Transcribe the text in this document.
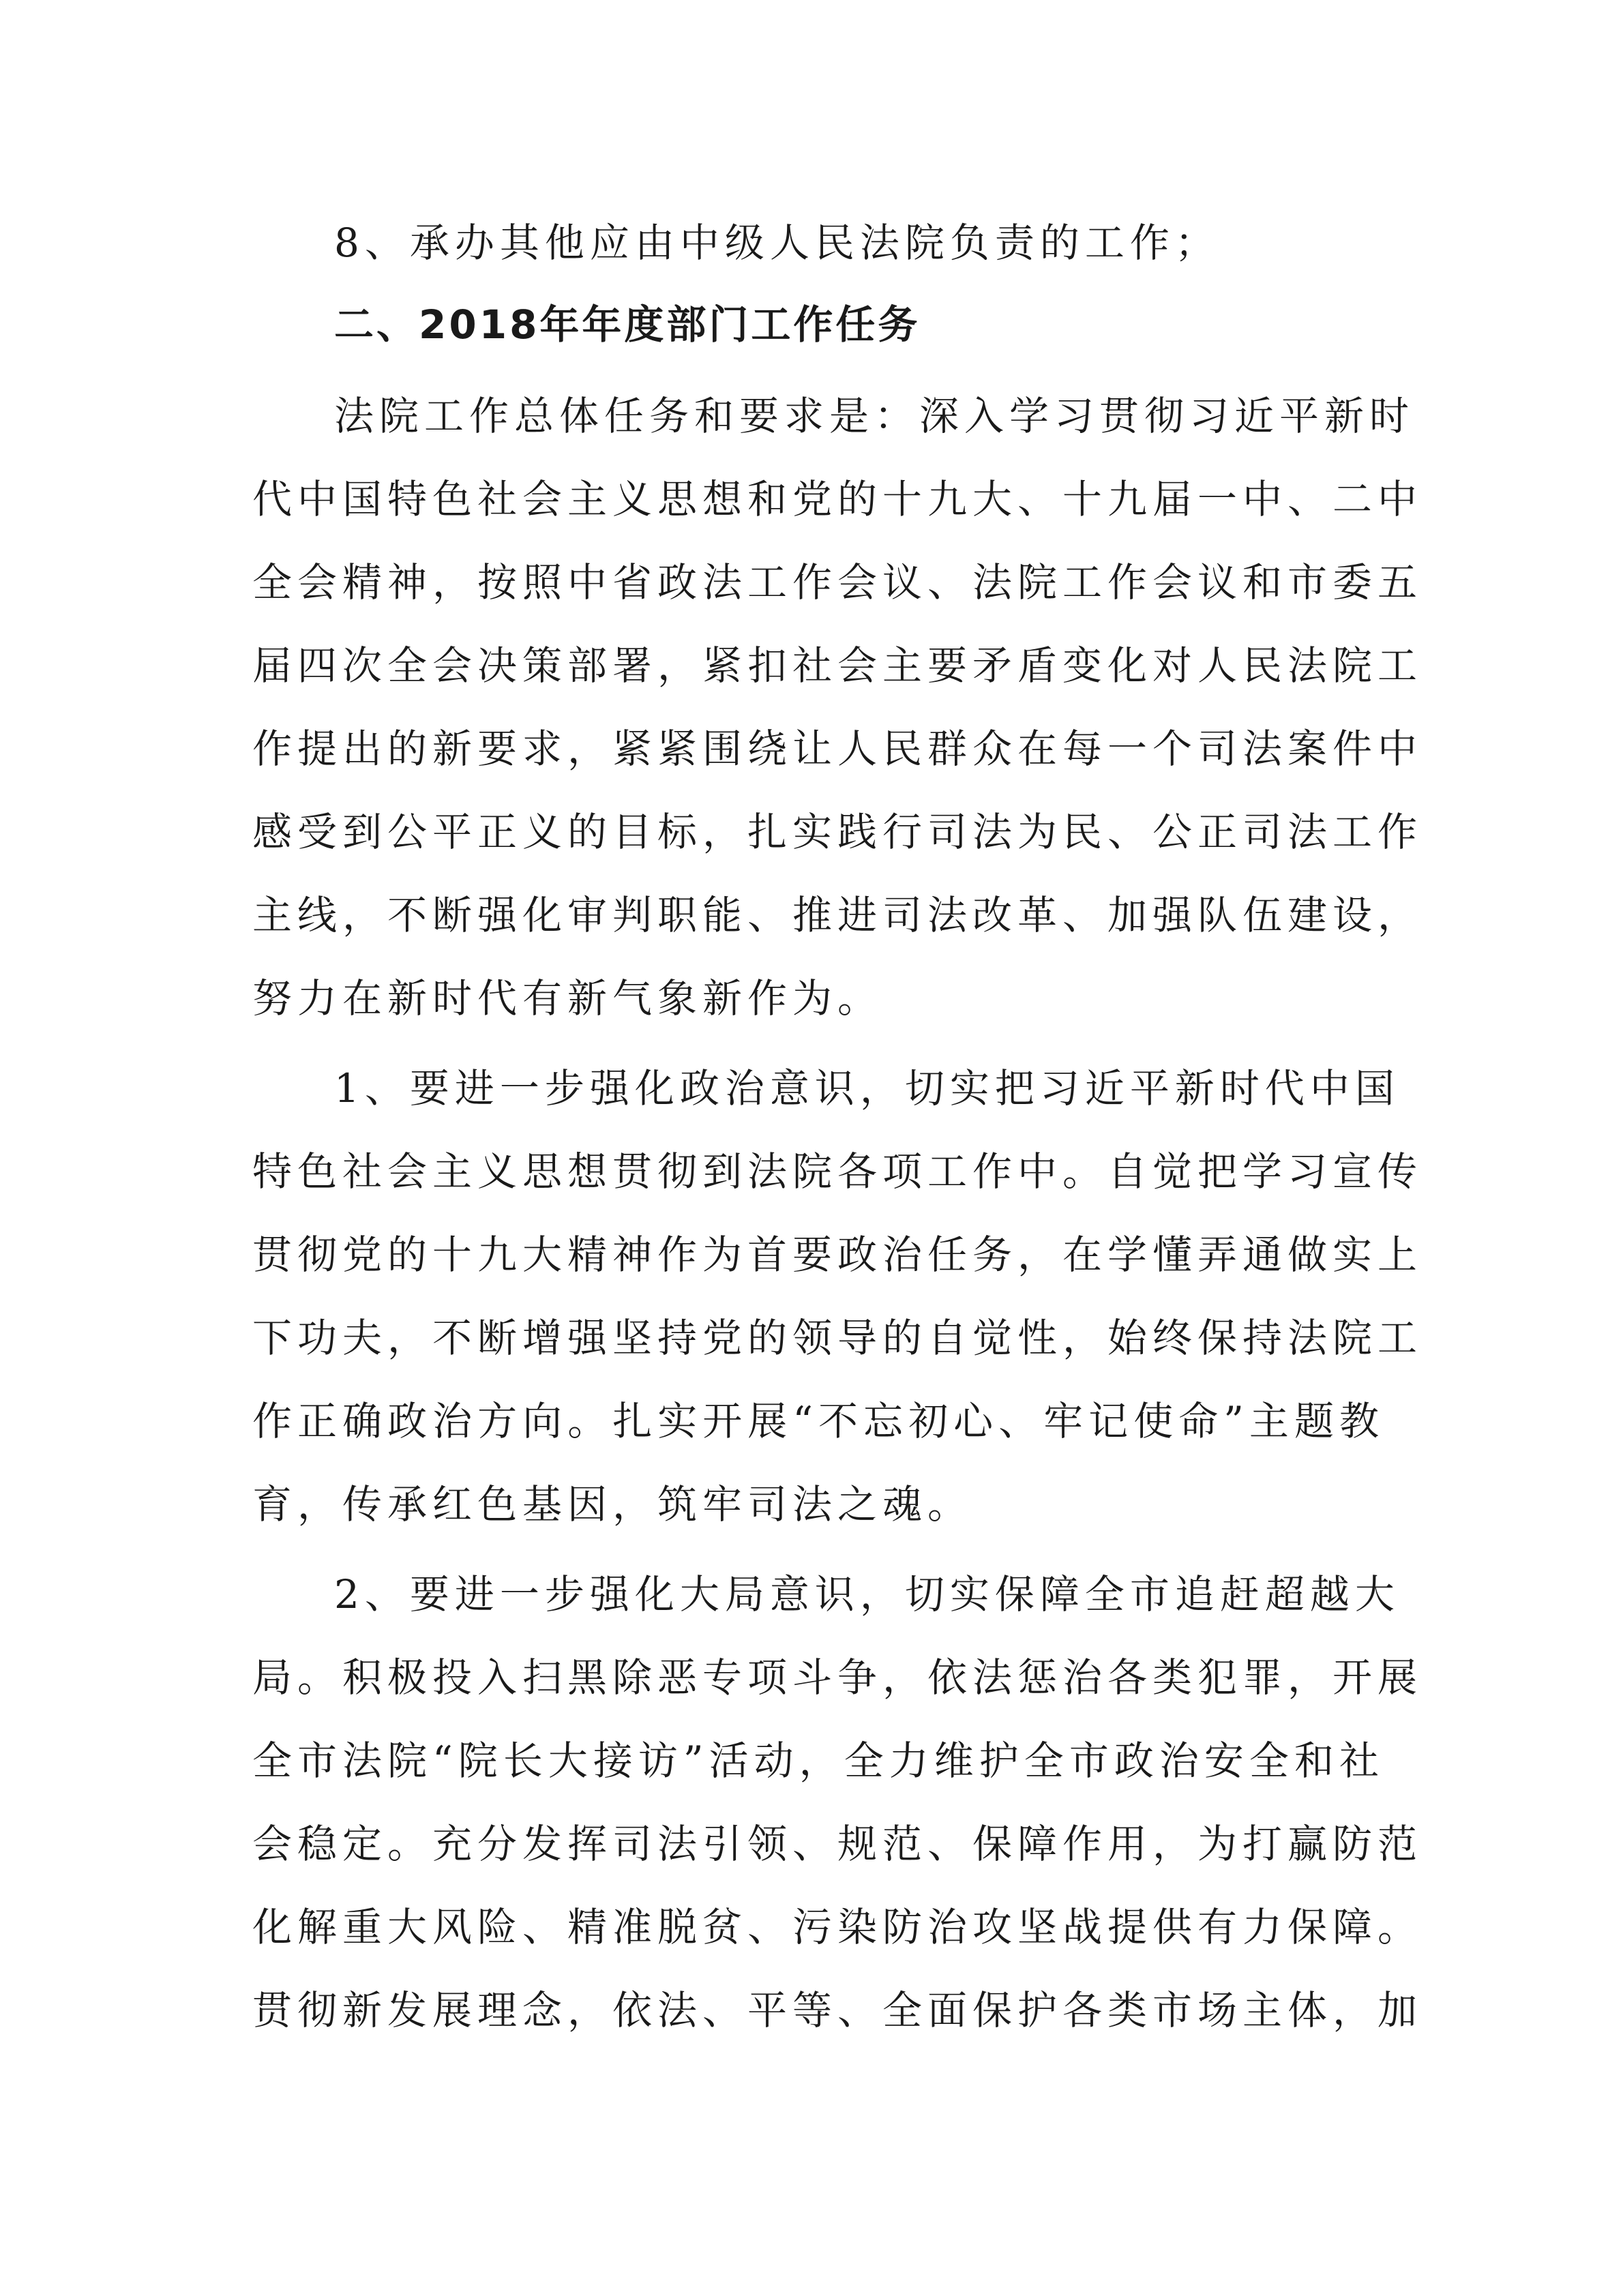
8、承办其他应由中级人民法院负责的工作；
二、2018年年度部门工作任务
法院工作总体任务和要求是：深入学习贯彻习近平新时
代中国特色社会主义思想和党的十九大、十九届一中、二中
全会精神，按照中省政法工作会议、法院工作会议和市委五
届四次全会决策部署，紧扣社会主要矛盾变化对人民法院工
作提出的新要求，紧紧围绕让人民群众在每一个司法案件中
感受到公平正义的目标，扎实践行司法为民、公正司法工作
主线，不断强化审判职能、推进司法改革、加强队伍建设，
努力在新时代有新气象新作为。
1、要进一步强化政治意识，切实把习近平新时代中国
特色社会主义思想贯彻到法院各项工作中。自觉把学习宣传
贯彻党的十九大精神作为首要政治任务，在学懂弄通做实上
下功夫，不断增强坚持党的领导的自觉性，始终保持法院工
作正确政治方向。扎实开展“不忘初心、牢记使命”主题教
育，传承红色基因，筑牢司法之魂。
2、要进一步强化大局意识，切实保障全市追赶超越大
局。积极投入扫黑除恶专项斗争，依法惩治各类犯罪，开展
全市法院“院长大接访”活动，全力维护全市政治安全和社
会稳定。充分发挥司法引领、规范、保障作用，为打赢防范
化解重大风险、精准脱贫、污染防治攻坚战提供有力保障。
贯彻新发展理念，依法、平等、全面保护各类市场主体，加
